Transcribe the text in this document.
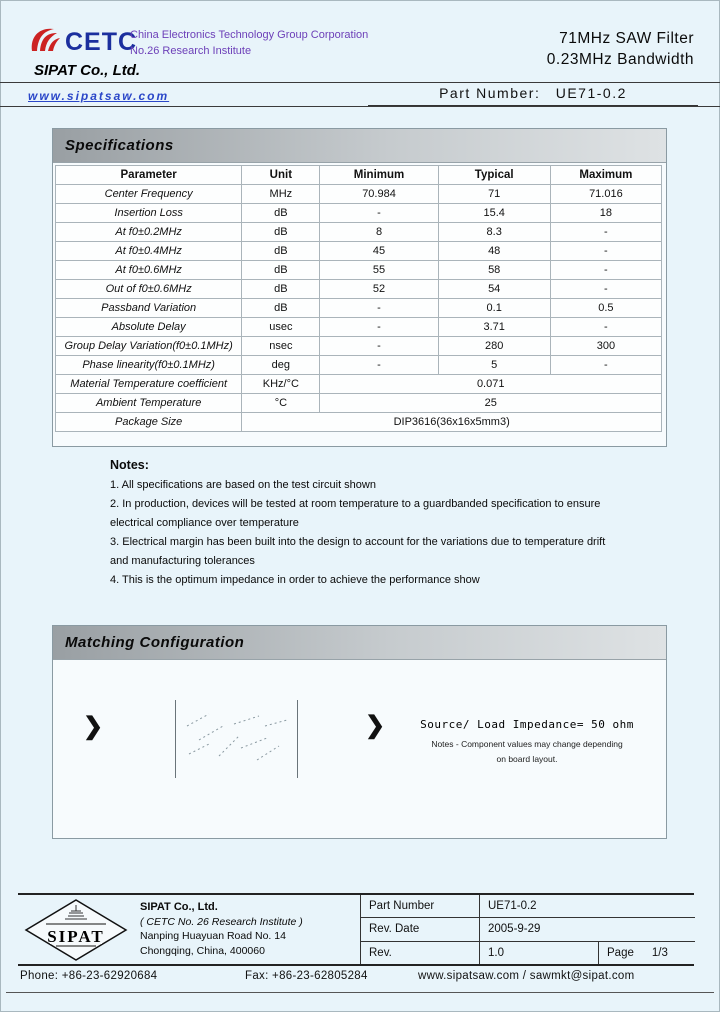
CETC
China Electronics Technology Group Corporation
No.26 Research Institute
SIPAT Co., Ltd.
www.sipatsaw.com
71MHz SAW Filter
0.23MHz Bandwidth
Part Number: UE71-0.2
Specifications
Parameter	Unit	Minimum	Typical	Maximum
Center Frequency	MHz	70.984	71	71.016
Insertion Loss	dB	-	15.4	18
At f0±0.2MHz	dB	8	8.3	-
At f0±0.4MHz	dB	45	48	-
At f0±0.6MHz	dB	55	58	-
Out of f0±0.6MHz	dB	52	54	-
Passband Variation	dB	-	0.1	0.5
Absolute Delay	usec	-	3.71	-
Group Delay Variation(f0±0.1MHz)	nsec	-	280	300
Phase linearity(f0±0.1MHz)	deg	-	5	-
Material Temperature coefficient	KHz/°C	0.071		
Ambient Temperature	°C	25		
Package Size	DIP3616(36x16x5mm3)			
Notes:
1. All specifications are based on the test circuit shown
2. In production, devices will be tested at room temperature to a guardbanded specification to ensure
electrical compliance over temperature
3. Electrical margin has been built into the design to account for the variations due to temperature drift
and manufacturing tolerances
4. This is the optimum impedance in order to achieve the performance show
Matching Configuration
❯	❯	Source/ Load Impedance= 50 ohm
Notes - Component values may change depending
on board layout.
SIPAT
SIPAT Co., Ltd.
( CETC No. 26 Research Institute )
Nanping Huayuan Road No. 14
Chongqing, China, 400060
Part Number	UE71-0.2
Rev. Date	2005-9-29
Rev.	1.0	Page 1/3
Phone: +86-23-62920684	Fax: +86-23-62805284	www.sipatsaw.com / sawmkt@sipat.com
